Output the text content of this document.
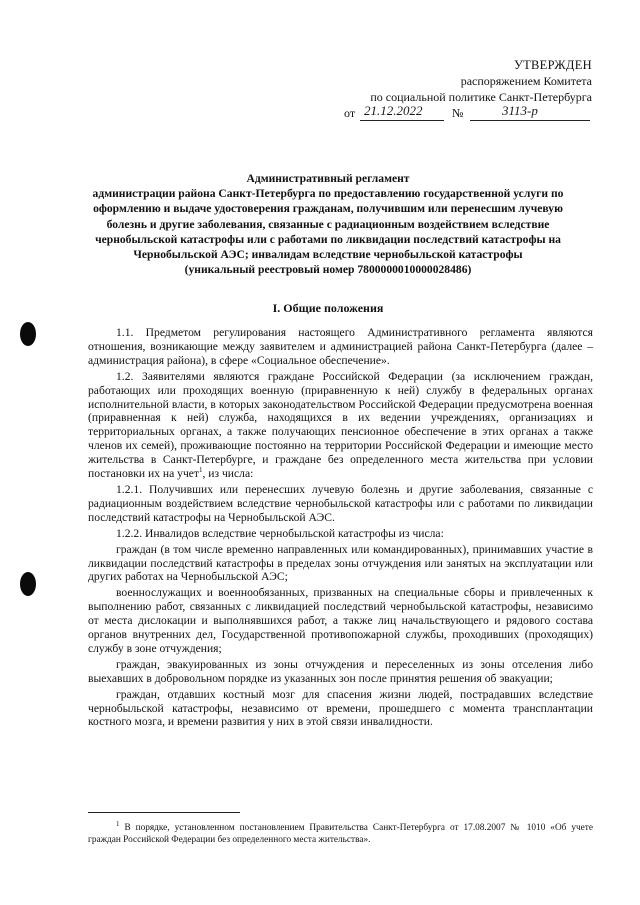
УТВЕРЖДЕН
распоряжением Комитета
по социальной политике Санкт-Петербурга
от 21.12.2022 №	3113-р
Административный регламент
администрации района Санкт-Петербурга по предоставлению государственной услуги по оформлению и выдаче удостоверения гражданам, получившим или перенесшим лучевую болезнь и другие заболевания, связанные с радиационным воздействием вследствие чернобыльской катастрофы или с работами по ликвидации последствий катастрофы на Чернобыльской АЭС; инвалидам вследствие чернобыльской катастрофы
(уникальный реестровый номер 7800000010000028486)
I. Общие положения

1.1. Предметом регулирования настоящего Административного регламента являются отношения, возникающие между заявителем и администрацией района Санкт-Петербурга (далее – администрация района), в сфере «Социальное обеспечение».

1.2. Заявителями являются граждане Российской Федерации (за исключением граждан, работающих или проходящих военную (приравненную к ней) службу в федеральных органах исполнительной власти, в которых законодательством Российской Федерации предусмотрена военная (приравненная к ней) служба, находящихся в их ведении учреждениях, организациях и территориальных органах, а также получающих пенсионное обеспечение в этих органах а также членов их семей), проживающие постоянно на территории Российской Федерации и имеющие место жительства в Санкт-Петербурге, и граждане без определенного места жительства при условии постановки их на учет$^1$, из числа:

1.2.1. Получивших или перенесших лучевую болезнь и другие заболевания, связанные с радиационным воздействием вследствие чернобыльской катастрофы или с работами по ликвидации последствий катастрофы на Чернобыльской АЭС.

1.2.2. Инвалидов вследствие чернобыльской катастрофы из числа:

граждан (в том числе временно направленных или командированных), принимавших участие в ликвидации последствий катастрофы в пределах зоны отчуждения или занятых на эксплуатации или других работах на Чернобыльской АЭС;

военнослужащих и военнообязанных, призванных на специальные сборы и привлеченных к выполнению работ, связанных с ликвидацией последствий чернобыльской катастрофы, независимо от места дислокации и выполнявшихся работ, а также лиц начальствующего и рядового состава органов внутренних дел, Государственной противопожарной службы, проходивших (проходящих) службу в зоне отчуждения;

граждан, эвакуированных из зоны отчуждения и переселенных из зоны отселения либо выехавших в добровольном порядке из указанных зон после принятия решения об эвакуации;

граждан, отдавших костный мозг для спасения жизни людей, пострадавших вследствие чернобыльской катастрофы, независимо от времени, прошедшего с момента трансплантации костного мозга, и времени развития у них в этой связи инвалидности.

$^1$ В порядке, установленном постановлением Правительства Санкт-Петербурга от 17.08.2007 № 1010 «Об учете граждан Российской Федерации без определенного места жительства».
